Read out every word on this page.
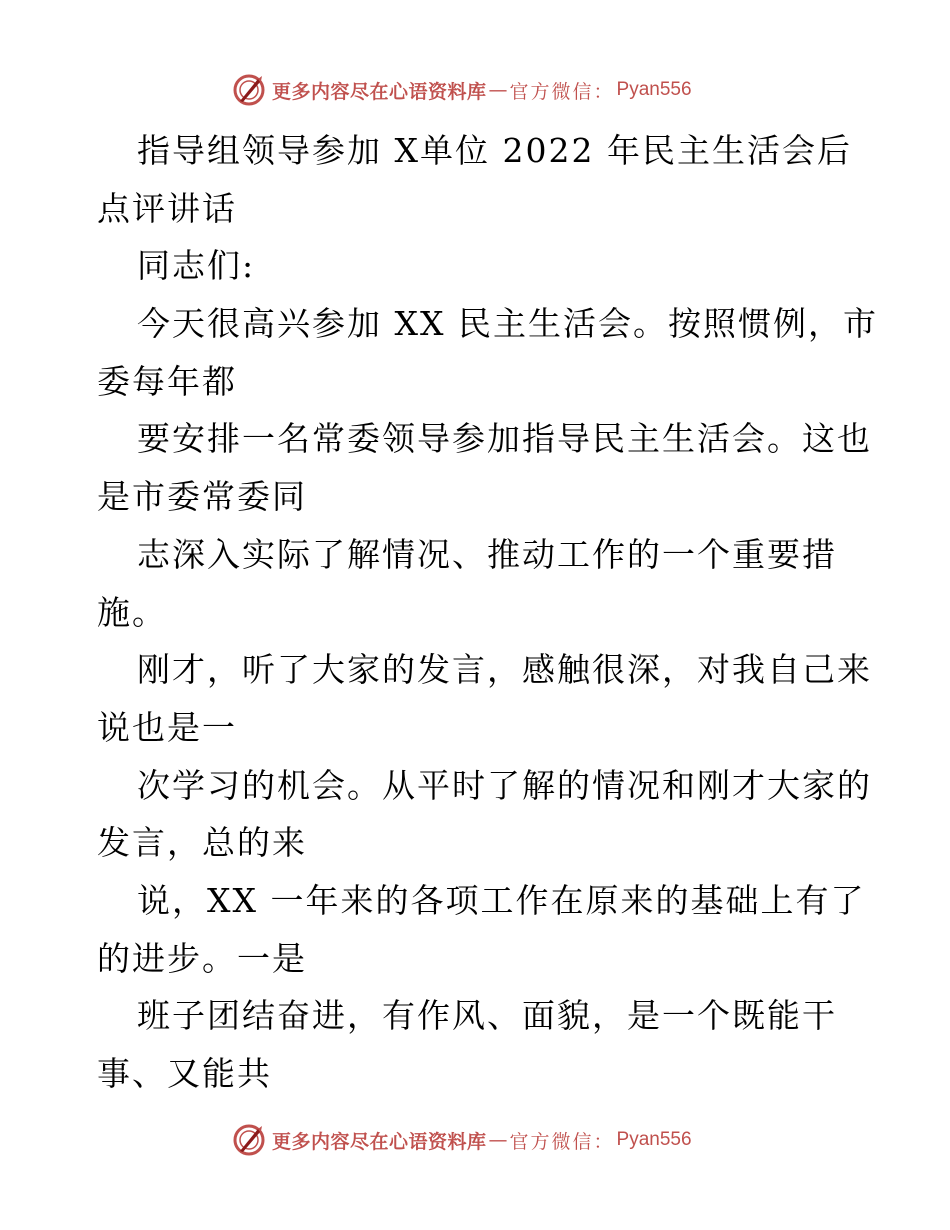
更多内容尽在心语资料库 — 官方微信： Pyan556
指导组领导参加 X单位 2022 年民主生活会后
点评讲话
同志们:
今天很高兴参加 XX 民主生活会。按照惯例，市
委每年都
要安排一名常委领导参加指导民主生活会。这也
是市委常委同
志深入实际了解情况、推动工作的一个重要措
施。
刚才，听了大家的发言，感触很深，对我自己来
说也是一
次学习的机会。从平时了解的情况和刚才大家的
发言，总的来
说，XX 一年来的各项工作在原来的基础上有了
的进步。一是
班子团结奋进，有作风、面貌，是一个既能干
事、又能共
更多内容尽在心语资料库 — 官方微信： Pyan556
